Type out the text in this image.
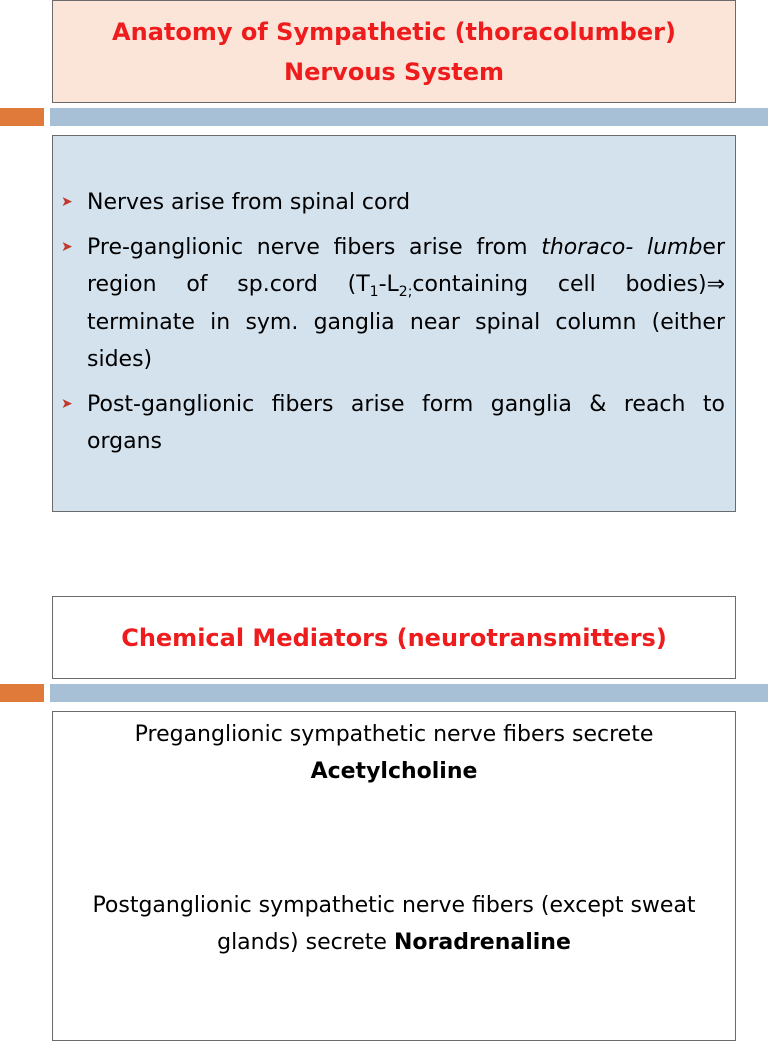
Anatomy of Sympathetic (thoracolumber)
Nervous System
➤ Nerves arise from spinal cord
➤ Pre-ganglionic nerve fibers arise from thoraco- lumber region of sp.cord ($T_1-L_{2;}containing$ cell bodies)⇒ terminate in sym. ganglia near spinal column (either sides)
➤ Post-ganglionic fibers arise form ganglia & reach to organs
Chemical Mediators (neurotransmitters)
Preganglionic sympathetic nerve fibers secrete
Acetylcholine
Postganglionic sympathetic nerve fibers (except sweat glands) secrete Noradrenaline
